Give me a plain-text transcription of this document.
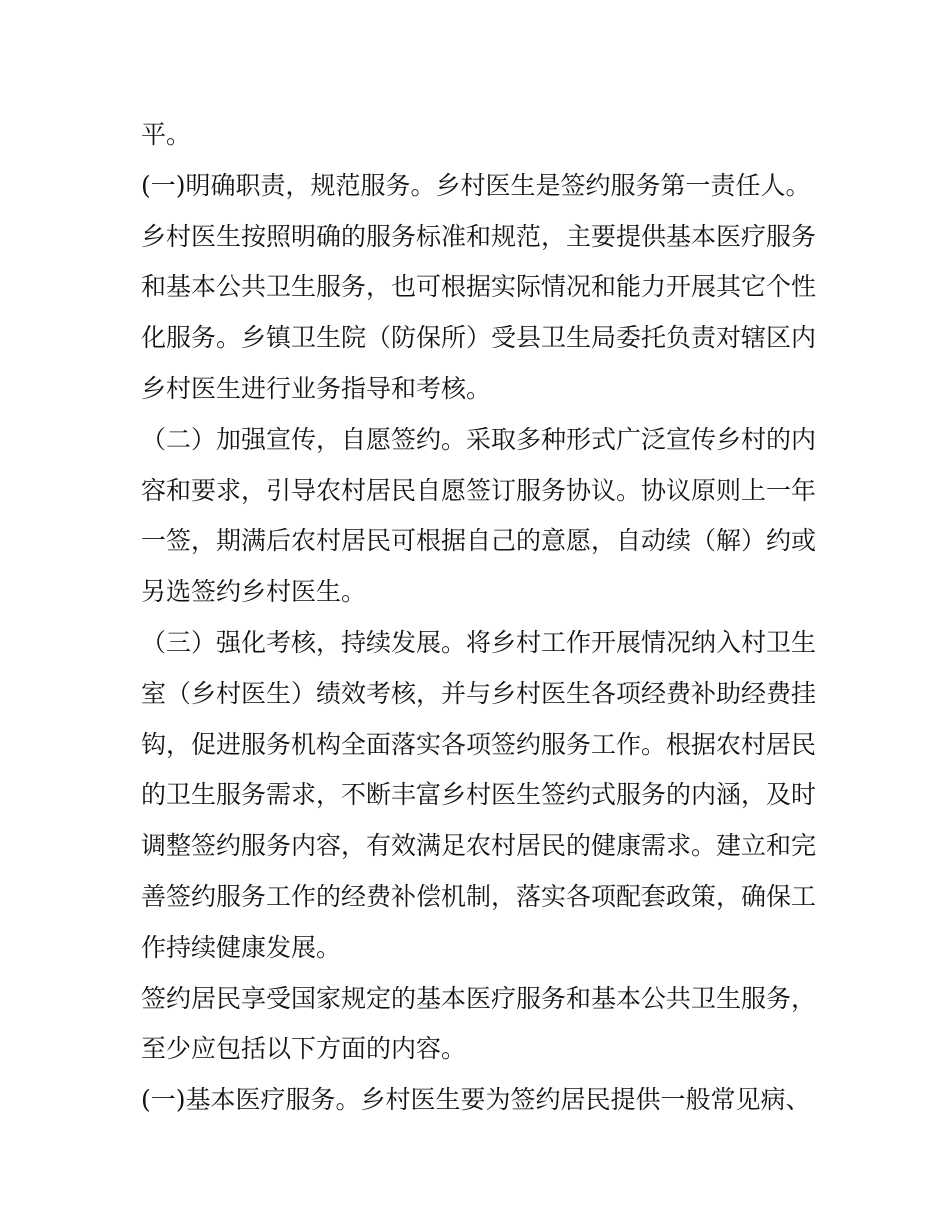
平。
(一)明确职责，规范服务。乡村医生是签约服务第一责任人。
乡村医生按照明确的服务标准和规范，主要提供基本医疗服务
和基本公共卫生服务，也可根据实际情况和能力开展其它个性
化服务。乡镇卫生院（防保所）受县卫生局委托负责对辖区内
乡村医生进行业务指导和考核。
（二）加强宣传，自愿签约。采取多种形式广泛宣传乡村的内
容和要求，引导农村居民自愿签订服务协议。协议原则上一年
一签，期满后农村居民可根据自己的意愿，自动续（解）约或
另选签约乡村医生。
（三）强化考核，持续发展。将乡村工作开展情况纳入村卫生
室（乡村医生）绩效考核，并与乡村医生各项经费补助经费挂
钩，促进服务机构全面落实各项签约服务工作。根据农村居民
的卫生服务需求，不断丰富乡村医生签约式服务的内涵，及时
调整签约服务内容，有效满足农村居民的健康需求。建立和完
善签约服务工作的经费补偿机制，落实各项配套政策，确保工
作持续健康发展。
签约居民享受国家规定的基本医疗服务和基本公共卫生服务，
至少应包括以下方面的内容。
(一)基本医疗服务。乡村医生要为签约居民提供一般常见病、
